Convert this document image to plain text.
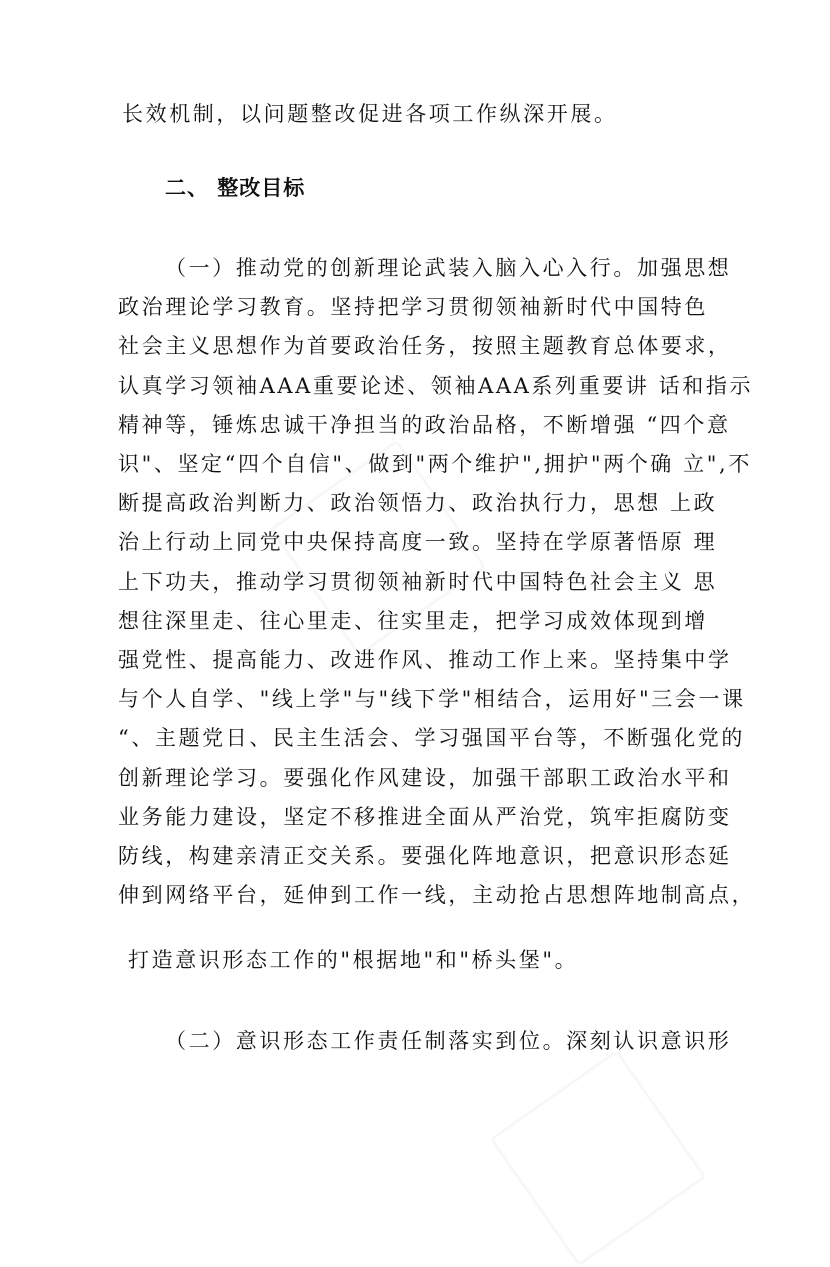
长效机制，以问题整改促进各项工作纵深开展。
二、 整改目标
（一）推动党的创新理论武装入脑入心入行。加强思想
政治理论学习教育。坚持把学习贯彻领袖新时代中国特色
社会主义思想作为首要政治任务，按照主题教育总体要求，
认真学习领袖AAA重要论述、领袖AAA系列重要讲 话和指示
精神等，锤炼忠诚干净担当的政治品格，不断增强 “四个意
识"、坚定“四个自信"、做到"两个维护",拥护"两个确 立",不
断提高政治判断力、政治领悟力、政治执行力，思想 上政
治上行动上同党中央保持高度一致。坚持在学原著悟原 理
上下功夫，推动学习贯彻领袖新时代中国特色社会主义 思
想往深里走、往心里走、往实里走，把学习成效体现到增
强党性、提高能力、改进作风、推动工作上来。坚持集中学
与个人自学、"线上学"与"线下学"相结合，运用好"三会一课
“、主题党日、民主生活会、学习强国平台等，不断强化党的
创新理论学习。要强化作风建设，加强干部职工政治水平和
业务能力建设，坚定不移推进全面从严治党，筑牢拒腐防变
防线，构建亲清正交关系。要强化阵地意识，把意识形态延
伸到网络平台，延伸到工作一线，主动抢占思想阵地制高点，
打造意识形态工作的"根据地"和"桥头堡"。
（二）意识形态工作责任制落实到位。深刻认识意识形
